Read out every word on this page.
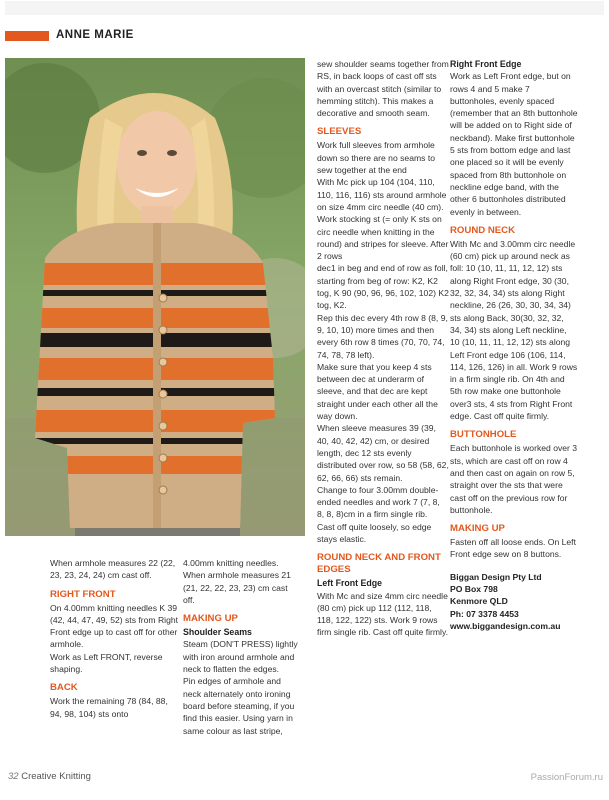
ANNE MARIE

When armhole measures 22 (22, 23, 23, 24, 24) cm cast off.

RIGHT FRONT

On 4.00mm knitting needles K 39 (42, 44, 47, 49, 52) sts from Right Front edge up to cast off for other armhole.

Work as Left FRONT, reverse shaping.

BACK

Work the remaining 78 (84, 88, 94, 98, 104) sts onto

4.00mm knitting needles. When armhole measures 21 (21, 22, 22, 23, 23) cm cast off.

MAKING UP
Shoulder Seams

Steam (DON'T PRESS) lightly with iron around armhole and neck to flatten the edges.

Pin edges of armhole and neck alternately onto ironing board before steaming, if you find this easier. Using yarn in same colour as last stripe,

sew shoulder seams together from RS, in back loops of cast off sts with an overcast stitch (similar to hemming stitch). This makes a decorative and smooth seam.

SLEEVES

Work full sleeves from armhole down so there are no seams to sew together at the end

With Mc pick up 104 (104, 110, 110, 116, 116) sts around armhole on size 4mm circ needle (40 cm).

Work stocking st (= only K sts on circ needle when knitting in the round) and stripes for sleeve. After 2 rows

dec1 in beg and end of row as foll, starting from beg of row: K2, K2 tog, K 90 (90, 96, 96, 102, 102) K2 tog, K2.

Rep this dec every 4th row 8 (8, 9, 9, 10, 10) more times and then every 6th row 8 times (70, 70, 74, 74, 78, 78 left).

Make sure that you keep 4 sts between dec at underarm of sleeve, and that dec are kept straight under each other all the way down.

When sleeve measures 39 (39, 40, 40, 42, 42) cm, or desired length, dec 12 sts evenly distributed over row, so 58 (58, 62, 62, 66, 66) sts remain.

Change to four 3.00mm double-ended needles and work 7 (7, 8, 8, 8, 8)cm in a firm single rib.

Cast off quite loosely, so edge stays elastic.

ROUND NECK AND FRONT EDGES
Left Front Edge

With Mc and size 4mm circ needle (80 cm) pick up 112 (112, 118, 118, 122, 122) sts. Work 9 rows firm single rib. Cast off quite firmly.

Right Front Edge

Work as Left Front edge, but on rows 4 and 5 make 7 buttonholes, evenly spaced (remember that an 8th buttonhole will be added on to Right side of neckband). Make first buttonhole 5 sts from bottom edge and last one placed so it will be evenly spaced from 8th buttonhole on neckline edge band, with the other 6 buttonholes distributed evenly in between.

ROUND NECK

With Mc and 3.00mm circ needle (60 cm) pick up around neck as foll: 10 (10, 11, 11, 12, 12) sts along Right Front edge, 30 (30, 32, 32, 34, 34) sts along Right neckline, 26 (26, 30, 30, 34, 34) sts along Back, 30(30, 32, 32, 34, 34) sts along Left neckline, 10 (10, 11, 11, 12, 12) sts along Left Front edge 106 (106, 114, 114, 126, 126) in all. Work 9 rows in a firm single rib. On 4th and 5th row make one buttonhole over3 sts, 4 sts from Right Front edge. Cast off quite firmly.

BUTTONHOLE

Each buttonhole is worked over 3 sts, which are cast off on row 4 and then cast on again on row 5, straight over the sts that were cast off on the previous row for buttonhole.

MAKING UP

Fasten off all loose ends. On Left Front edge sew on 8 buttons.

Biggan Design Pty Ltd

PO Box 798

Kenmore QLD

Ph: 07 3378 4453

www.biggandesign.com.au

32 Creative Knitting	PassionForum.ru
